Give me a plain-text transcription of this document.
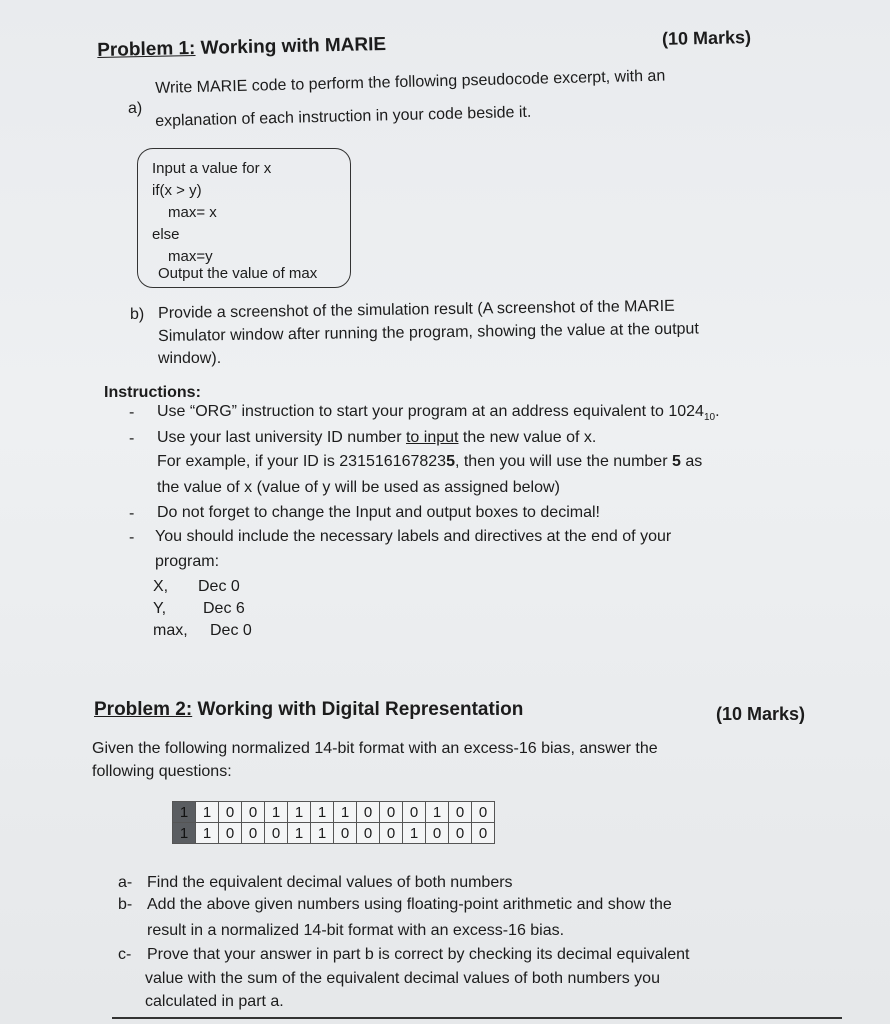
Problem 1: Working with MARIE	(10 Marks)
a)
Write MARIE code to perform the following pseudocode excerpt, with an
explanation of each instruction in your code beside it.
Input a value for x
if(x > y)
max= x
else
max=y
Output the value of max
b) Provide a screenshot of the simulation result (A screenshot of the MARIE
Simulator window after running the program, showing the value at the output
window).
Instructions:
- Use “ORG” instruction to start your program at an address equivalent to $1024_{10}$.
- Use your last university ID number to input the new value of x.
For example, if your ID is 2315161678235, then you will use the number 5 as
the value of x (value of y will be used as assigned below)
- Do not forget to change the Input and output boxes to decimal!
- You should include the necessary labels and directives at the end of your
program:
X, Dec 0
Y, Dec 6
max, Dec 0
Problem 2: Working with Digital Representation	(10 Marks)
Given the following normalized 14-bit format with an excess-16 bias, answer the
following questions:
1	1	0	0	1	1	1	1	0	0	0	1	0	0
1	1	0	0	0	1	1	0	0	0	1	0	0	0
a- Find the equivalent decimal values of both numbers
b- Add the above given numbers using floating-point arithmetic and show the
result in a normalized 14-bit format with an excess-16 bias.
c- Prove that your answer in part b is correct by checking its decimal equivalent
value with the sum of the equivalent decimal values of both numbers you
calculated in part a.
